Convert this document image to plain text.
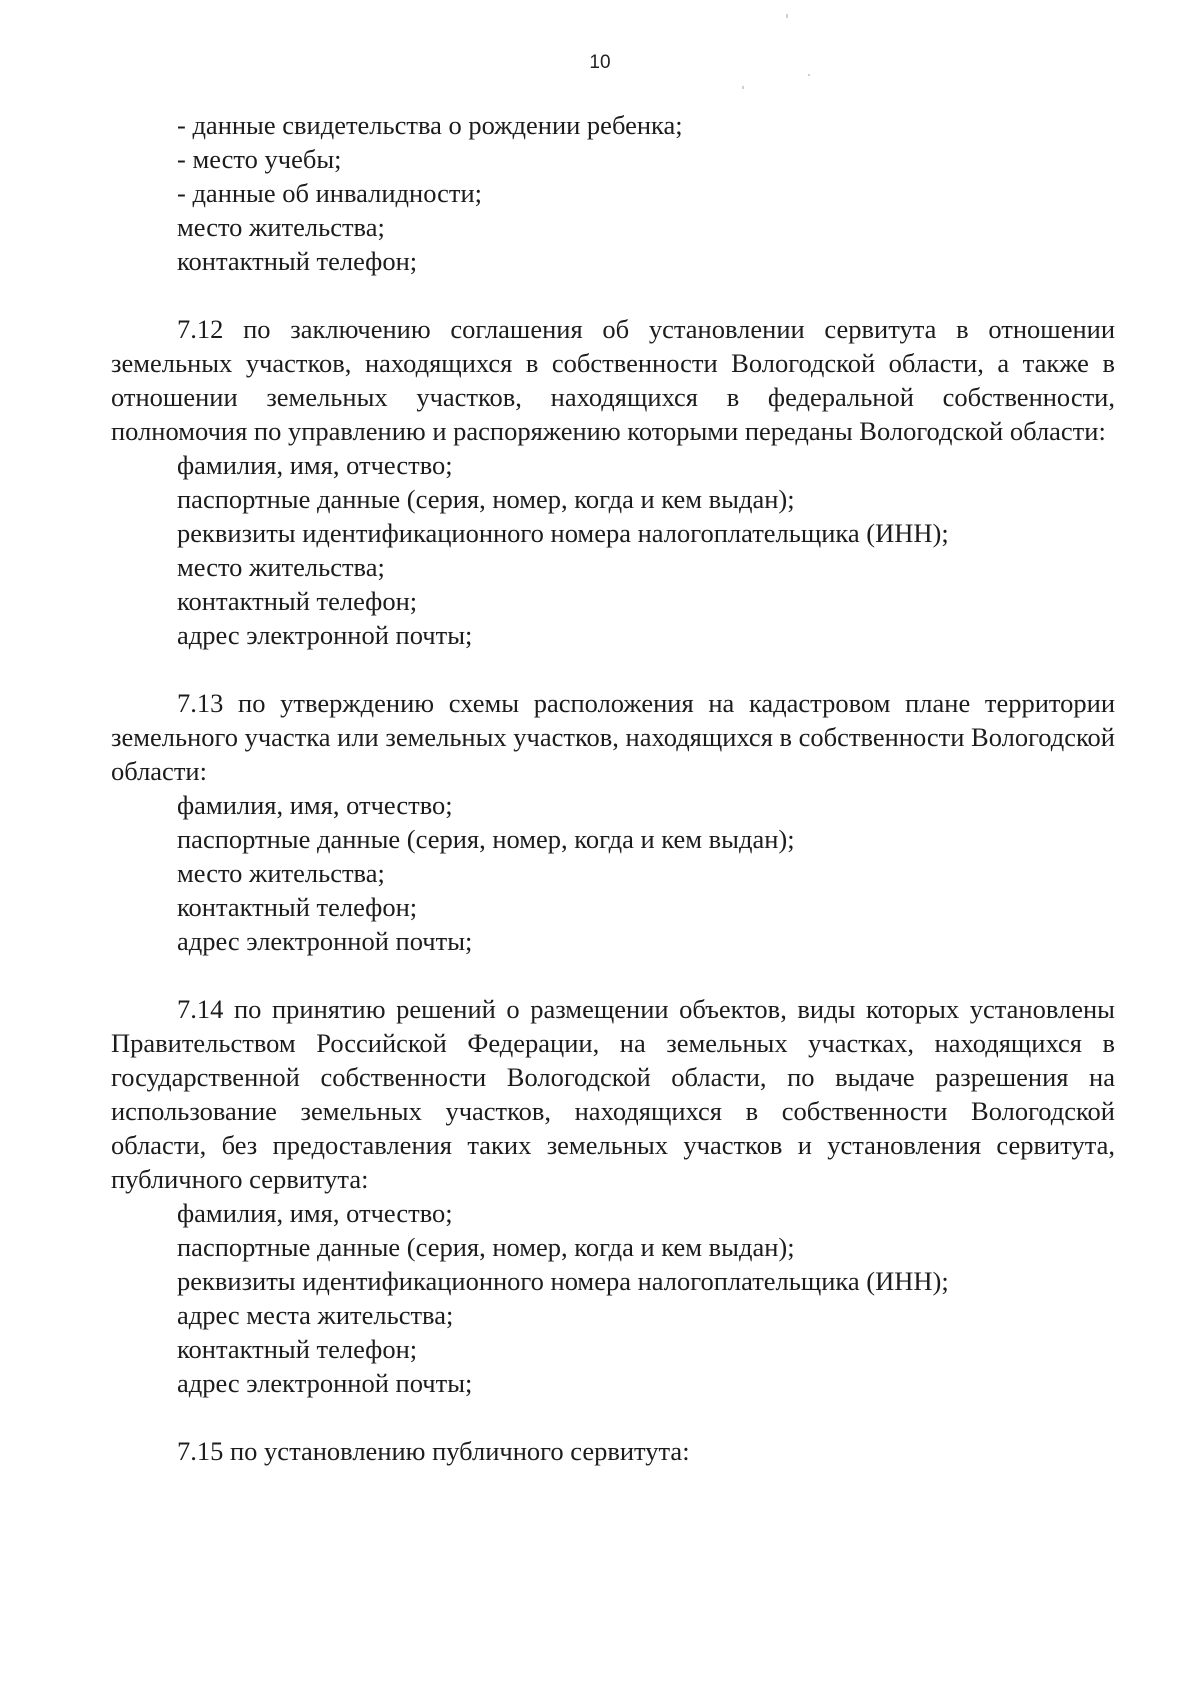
10
- данные свидетельства о рождении ребенка;
- место учебы;
- данные об инвалидности;
место жительства;
контактный телефон;
7.12 по заключению соглашения об установлении сервитута в отношении земельных участков, находящихся в собственности Вологодской области, а также в отношении земельных участков, находящихся в федеральной собственности, полномочия по управлению и распоряжению которыми переданы Вологодской области:
фамилия, имя, отчество;
паспортные данные (серия, номер, когда и кем выдан);
реквизиты идентификационного номера налогоплательщика (ИНН);
место жительства;
контактный телефон;
адрес электронной почты;
7.13 по утверждению схемы расположения на кадастровом плане территории земельного участка или земельных участков, находящихся в собственности Вологодской области:
фамилия, имя, отчество;
паспортные данные (серия, номер, когда и кем выдан);
место жительства;
контактный телефон;
адрес электронной почты;
7.14 по принятию решений о размещении объектов, виды которых установлены Правительством Российской Федерации, на земельных участках, находящихся в государственной собственности Вологодской области, по выдаче разрешения на использование земельных участков, находящихся в собственности Вологодской области, без предоставления таких земельных участков и установления сервитута, публичного сервитута:
фамилия, имя, отчество;
паспортные данные (серия, номер, когда и кем выдан);
реквизиты идентификационного номера налогоплательщика (ИНН);
адрес места жительства;
контактный телефон;
адрес электронной почты;
7.15 по установлению публичного сервитута:
